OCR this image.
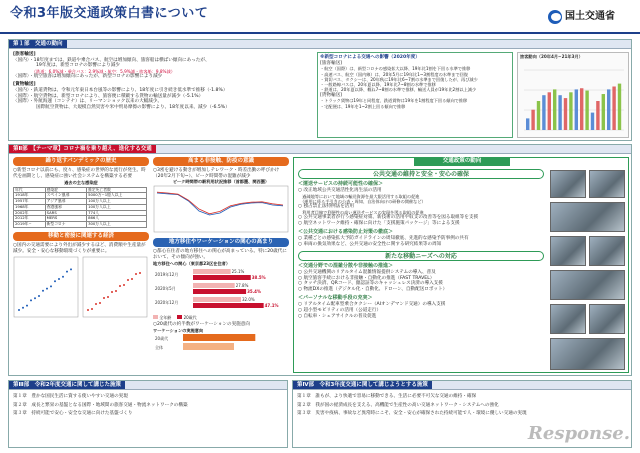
令和3年版交通政策白書について	国土交通省
第１部　交通の動向
[旅客輸送]
〈国内〉・18年度までは、鉄道や乗合バス、航空は増加傾向、旅客船は横ばい傾向にあったが、
　　　　　19年度は、新型コロナの影響により減少
　　　　　（鉄道：6.0%減・乗合バス：2.9%減・航空：5.9%減・旅客船：9.8%減）
〈国際〉・航空旅客は増加傾向にあったが、新型コロナの影響により減少
[貨物輸送]
〈国内〉・鉄道貨物は、令和元年東日本台風等の影響により、18年度に引き続き低水準で推移（-1.8%）
〈国際〉・航空貨物は、新型コロナにより、旅客便に積載する貨物の輸送量が減少（-5.1%）
〈国際〉・外航海運（コンテナ）は、リーマンショック以来の大幅減少。
　　　　　国際航空貨物は、大規模自然災害や米中貿易摩擦の影響により、18年度以来、減少（-6.5%）
※新型コロナによる交通への影響（2020年度）
[旅客輸送]
・航空（国際）は、新型コロナの感染拡大以降、19年比1割を下回る水準で推移
・高速バス、航空（国内線）は、20年5月に19年比1~3割程度の水準まで回復
・貸切バス、タクシーは、20年秋に19年比6~7割の水準まで回復したが、再び減少
・一般路線バスは、20年夏以降、19年比7~8割の水準で推移
・鉄道は、20年夏以降、概ね7~8割の水準で推移、輸送人員が19年比2割以上減少
[貨物輸送]
・トラック貨物は19年と同程度、鉄道貨物は19年を1割程度下回る傾向で推移
・宅配便は、19年を1~2割上回る傾向で推移
旅客動向（20年4月~21年3月）
第Ⅱ部　【テーマ章】コロナ禍を乗り越え、進化する交通
繰り返すパンデミックの歴史
○新型コロナ以前にも、度々、感染症の世界的な流行が発生。時代を画期とし、感染症に強い社会システムを構築する必要
過去の主な感染症
年代	感染症	推定死亡者数
1918年	スペイン風邪	5000万~1億人以上
1957年	アジア風邪	100万人以上
1968年	香港風邪	100万人以上
2002年	SARS	774人
2012年	MERS	866人
2019年~	新型コロナ	300万人以上
移動と密接に関連する経済
○国内の交通需要により外出が減少するほど、消費額や生産量が減少。安全・安心な移動環境づくりが重要に。
高まる非接触、防疫の意識
○3密を避ける動きが増加しテレワーク・時差出勤の呼びかけ（20年2月下旬~）、ピーク時間帯の混雑が減少
ピーク時間帯の駅利用状況推移（首都圏、関西圏）
地方移住やワーケーションの関心の高まり
○都心在住者の地方移住への関心が高まっている。特に20歳代において、その傾向が強い。
地方移住への関心（東京都23区在住者）
2019年12月
25.1%
38.5%
2020年5月
27.8%
35.4%
2020年12月
32.0%
47.1%
全年齢	20歳代
○20歳代の約半数がワーケーションの実施意向
ワーケーションの実施意向
20歳代
全体
交通政策の動向
公共交通の維持と安全・安心の確保
＜運送サービスの持続可能性の確保＞
○ 改正地域公共交通活性化再生法の活用
　過疎地等において地域の輸送資源を最大限活用する取組の促進
　（運用に係る手引きの公表・周知、自治体向けの研修の開催など）
○ 独占禁止法特例法を活用
　利用者目線で利便性の高い運送サービスの実現を図る取組の促進
○ 公共交通事業者が行う感染症対策、新技術の活用や収支の改善等を図る取組等を支援
○ 航空ネットワーク維持・確保に向けた「支援施策パッケージ」等による支援
＜公共交通における感染防止対策の徹底＞
○ 業種ごとの感染拡大予防ガイドラインの周知徹底、先進的な感染予防事例の共有
○ 車両の換気効果など、公共交通の安全性に関する研究結果等の周知
新たな移動ニーズへの対応
＜交通分野での混雑分散や非接触の推進＞
○ 公共交通機関のリアルタイム混雑情報提供システムの導入、普及
○ 航空旅客手続における非接触・自動化の推進（FAST TRAVEL）
○ タッチ決済、QRコード、顔認証等のキャッシュレス決済の導入支援
○ 物流DXの推進（デジタル化・自動化、ドローン、自動配送ロボット）
＜パーソナルな移動手段の充実＞
○ リアルタイム配車型乗合タクシー（AIオンデマンド交通）の導入支援
○ 超小型モビリティの活用（公道走行）
○ 自転車・シェアサイクルの普及促進
第Ⅲ部　令和2年度交通に関して講じた施策
第１章　豊かな国民生活に資する使いやすい交通の実現
第２章　成長と繁栄の基盤となる国際・地域間の旅客交通・物流ネットワークの構築
第３章　持続可能で安心・安全な交通に向けた基盤づくり
第Ⅳ部　令和3年度交通に関して講じようとする施策
第１章　誰もが、より快適で容易に移動できる、生活に必要不可欠な交通の維持・確保
第２章　我が国の経済成長を支える、高機能で生産性の高い交通ネットワーク・システムへの強化
第３章　災害や疫病、事故など異常時にこそ、安全・安心が確保された持続可能で人・環境に優しい交通の実現
Response.
